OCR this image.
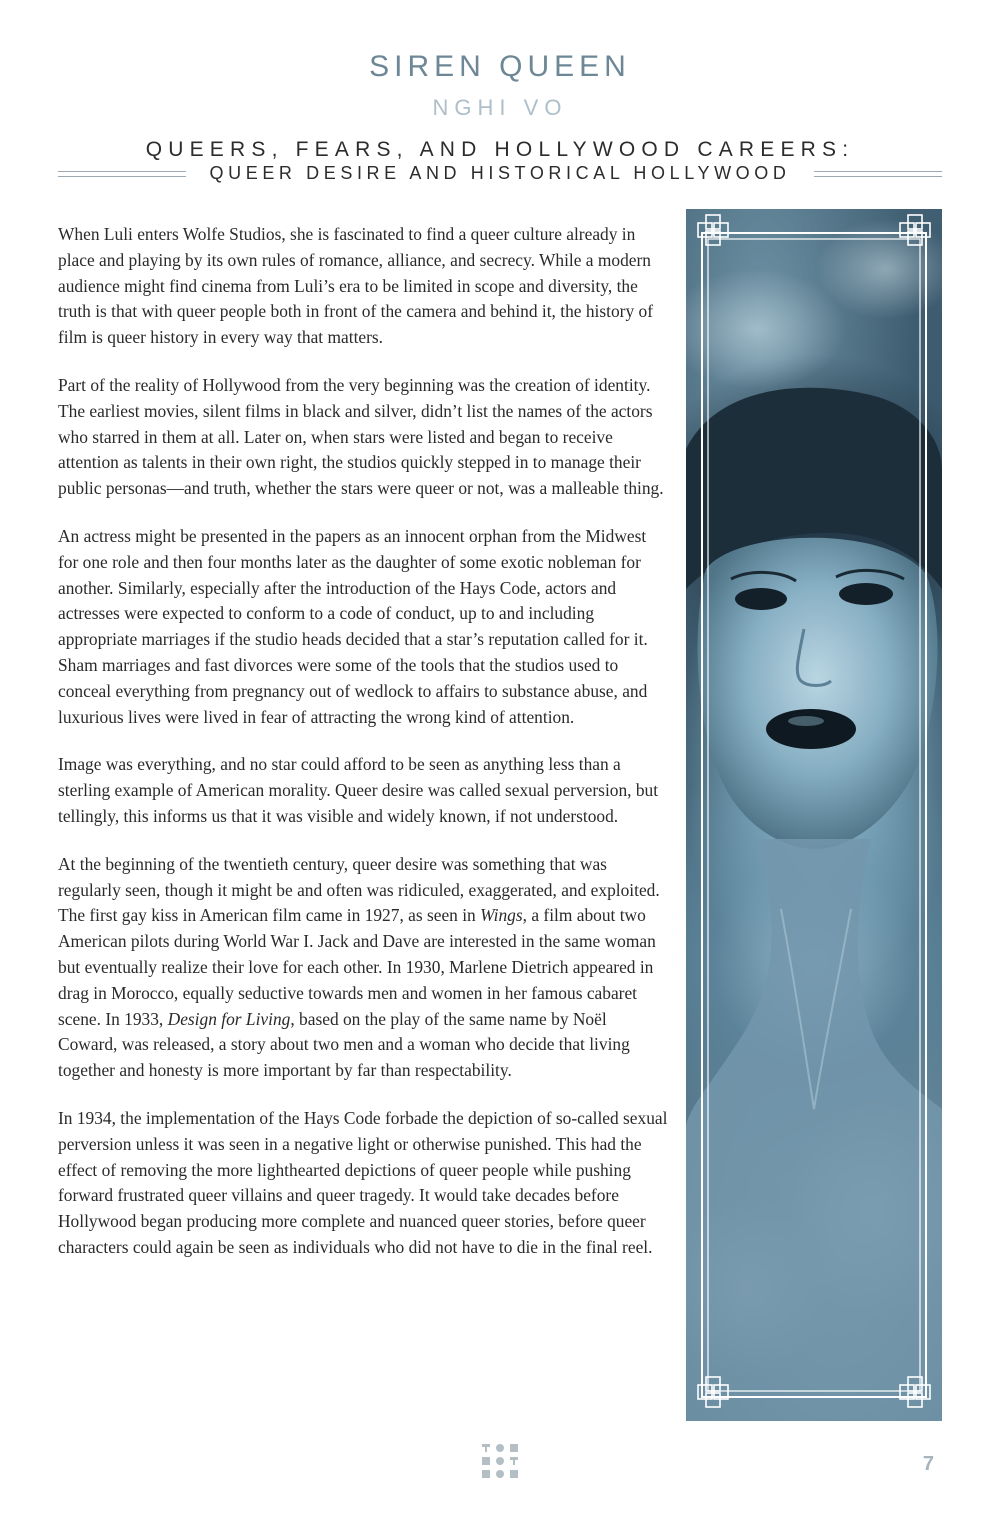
SIREN QUEEN
NGHI VO
QUEERS, FEARS, AND HOLLYWOOD CAREERS:
QUEER DESIRE AND HISTORICAL HOLLYWOOD

When Luli enters Wolfe Studios, she is fascinated to find a queer culture already in place and playing by its own rules of romance, alliance, and secrecy. While a modern audience might find cinema from Luli’s era to be limited in scope and diversity, the truth is that with queer people both in front of the camera and behind it, the history of film is queer history in every way that matters.

Part of the reality of Hollywood from the very beginning was the creation of identity. The earliest movies, silent films in black and silver, didn’t list the names of the actors who starred in them at all. Later on, when stars were listed and began to receive attention as talents in their own right, the studios quickly stepped in to manage their public personas—and truth, whether the stars were queer or not, was a malleable thing.

An actress might be presented in the papers as an innocent orphan from the Midwest for one role and then four months later as the daughter of some exotic nobleman for another. Similarly, especially after the introduction of the Hays Code, actors and actresses were expected to conform to a code of conduct, up to and including appropriate marriages if the studio heads decided that a star’s reputation called for it. Sham marriages and fast divorces were some of the tools that the studios used to conceal everything from pregnancy out of wedlock to affairs to substance abuse, and luxurious lives were lived in fear of attracting the wrong kind of attention.

Image was everything, and no star could afford to be seen as anything less than a sterling example of American morality. Queer desire was called sexual perversion, but tellingly, this informs us that it was visible and widely known, if not understood.

At the beginning of the twentieth century, queer desire was something that was regularly seen, though it might be and often was ridiculed, exaggerated, and exploited. The first gay kiss in American film came in 1927, as seen in Wings, a film about two American pilots during World War I. Jack and Dave are interested in the same woman but eventually realize their love for each other. In 1930, Marlene Dietrich appeared in drag in Morocco, equally seductive towards men and women in her famous cabaret scene. In 1933, Design for Living, based on the play of the same name by Noël Coward, was released, a story about two men and a woman who decide that living together and honesty is more important by far than respectability.

In 1934, the implementation of the Hays Code forbade the depiction of so-called sexual perversion unless it was seen in a negative light or otherwise punished. This had the effect of removing the more lighthearted depictions of queer people while pushing forward frustrated queer villains and queer tragedy. It would take decades before Hollywood began producing more complete and nuanced queer stories, before queer characters could again be seen as individuals who did not have to die in the final reel.

7
